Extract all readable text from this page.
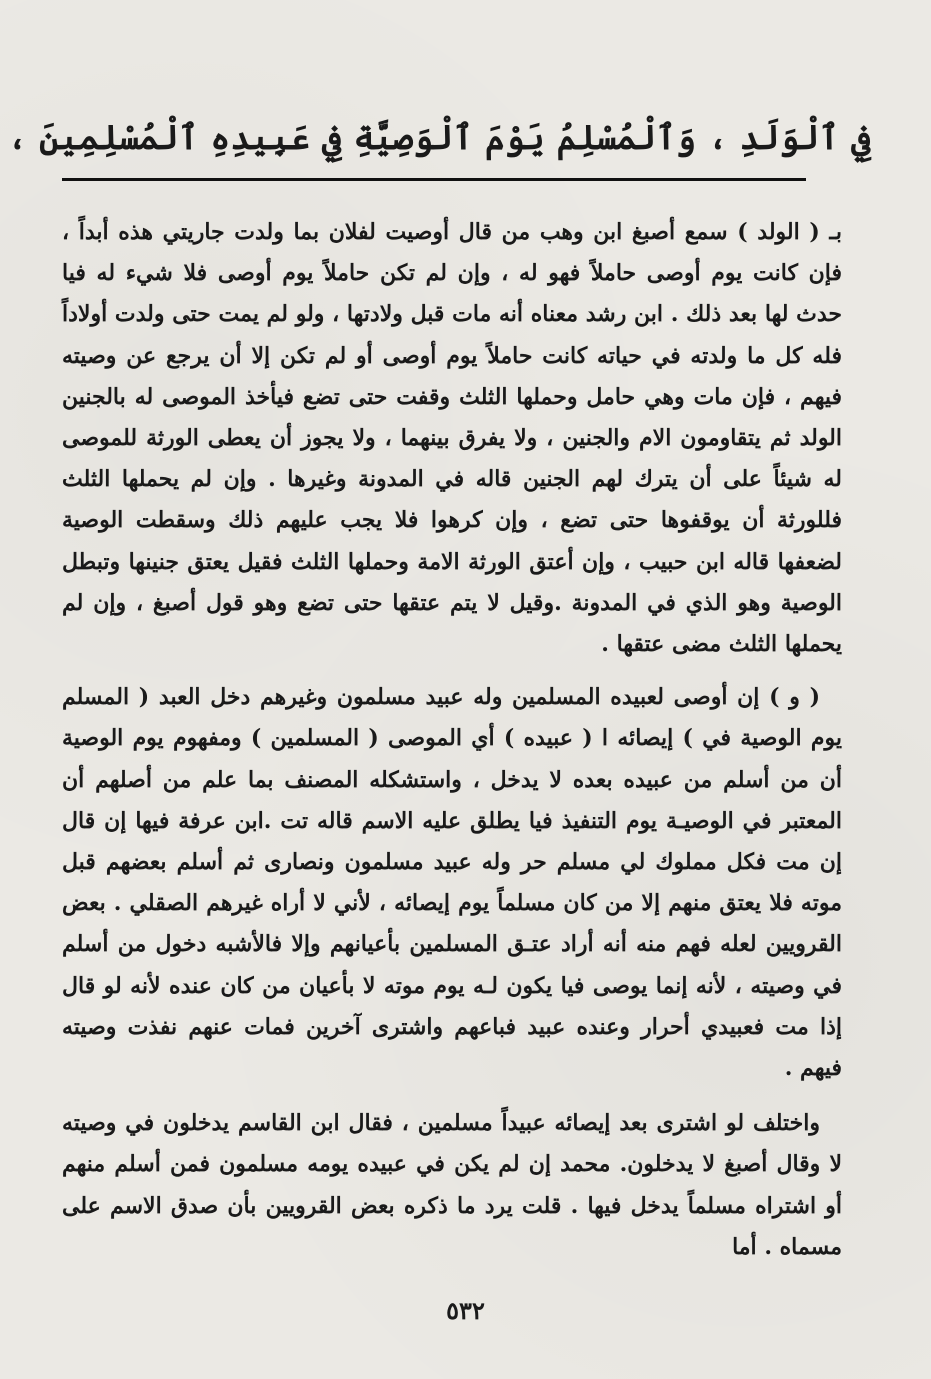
فِي ٱلْوَلَدِ ، وَٱلْمُسْلِمُ يَوْمَ ٱلْوَصِيَّةِ فِي عَبِيدِهِ ٱلْمُسْلِمِينَ ،

بـ ( الولد ) سمع أصبغ ابن وهب من قال أوصيت لفلان بما ولدت جاريتي هذه أبداً ، فإن كانت يوم أوصى حاملاً فهو له ، وإن لم تكن حاملاً يوم أوصى فلا شيء له فيا حدث لها بعد ذلك . ابن رشد معناه أنه مات قبل ولادتها ، ولو لم يمت حتى ولدت أولاداً فله كل ما ولدته في حياته كانت حاملاً يوم أوصى أو لم تكن إلا أن يرجع عن وصيته فيهم ، فإن مات وهي حامل وحملها الثلث وقفت حتى تضع فيأخذ الموصى له بالجنين الولد ثم يتقاومون الام والجنين ، ولا يفرق بينهما ، ولا يجوز أن يعطى الورثة للموصى له شيئاً على أن يترك لهم الجنين قاله في المدونة وغيرها . وإن لم يحملها الثلث فللورثة أن يوقفوها حتى تضع ، وإن كرهوا فلا يجب عليهم ذلك وسقطت الوصية لضعفها قاله ابن حبيب ، وإن أعتق الورثة الامة وحملها الثلث فقيل يعتق جنينها وتبطل الوصية وهو الذي في المدونة .وقيل لا يتم عتقها حتى تضع وهو قول أصبغ ، وإن لم يحملها الثلث مضى عتقها .

( و ) إن أوصى لعبيده المسلمين وله عبيد مسلمون وغيرهم دخل العبد ( المسلم يوم الوصية في ) إيصائه ا ( عبيده ) أي الموصى ( المسلمين ) ومفهوم يوم الوصية أن من أسلم من عبيده بعده لا يدخل ، واستشكله المصنف بما علم من أصلهم أن المعتبر في الوصيـة يوم التنفيذ فيا يطلق عليه الاسم قاله تت .ابن عرفة فيها إن قال إن مت فكل مملوك لي مسلم حر وله عبيد مسلمون ونصارى ثم أسلم بعضهم قبل موته فلا يعتق منهم إلا من كان مسلماً يوم إيصائه ، لأني لا أراه غيرهم الصقلي . بعض القرويين لعله فهم منه أنه أراد عتـق المسلمين بأعيانهم وإلا فالأشبه دخول من أسلم في وصيته ، لأنه إنما يوصى فيا يكون لـه يوم موته لا بأعيان من كان عنده لأنه لو قال إذا مت فعبيدي أحرار وعنده عبيد فباعهم واشترى آخرين فمات عنهم نفذت وصيته فيهم .

واختلف لو اشترى بعد إيصائه عبيداً مسلمين ، فقال ابن القاسم يدخلون في وصيته لا وقال أصبغ لا يدخلون. محمد إن لم يكن في عبيده يومه مسلمون فمن أسلم منهم أو اشتراه مسلماً يدخل فيها . قلت يرد ما ذكره بعض القرويين بأن صدق الاسم على مسماه . أما

٥٣٢
